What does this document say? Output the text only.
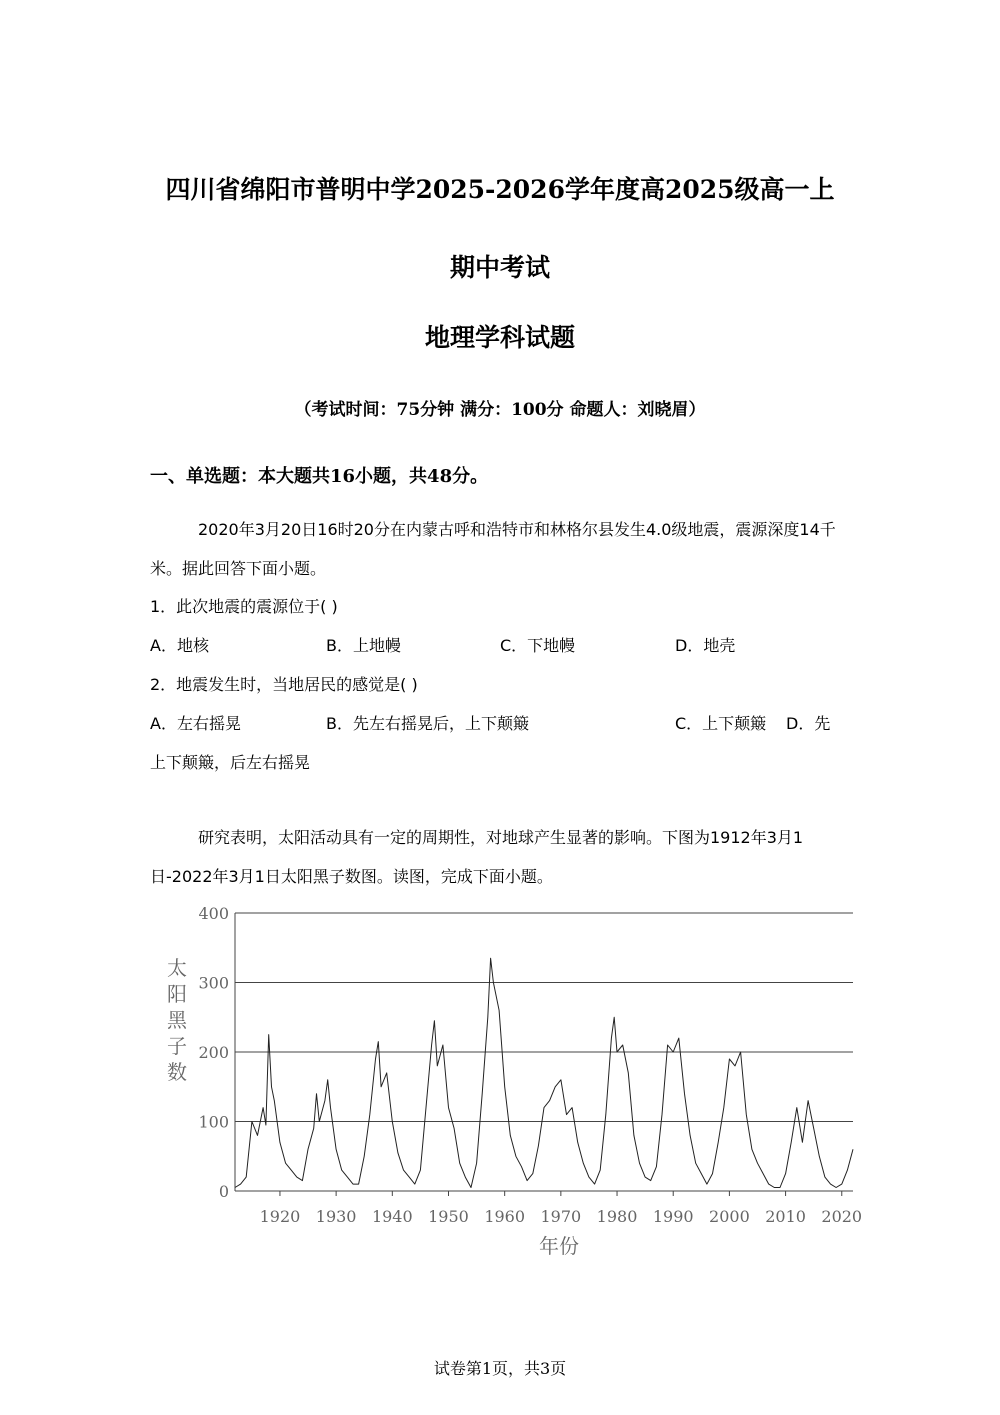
四川省绵阳市普明中学2025-2026学年度高2025级高一上
期中考试
地理学科试题
（考试时间：75分钟 满分：100分 命题人：刘晓眉）
一、单选题：本大题共16小题，共48分。
2020年3月20日16时20分在内蒙古呼和浩特市和林格尔县发生4.0级地震，震源深度14千米。据此回答下面小题。
1．此次地震的震源位于( )
A．地核	B．上地幔	C．下地幔	D．地壳
2．地震发生时，当地居民的感觉是( )
A．左右摇晃	B．先左右摇晃后，上下颠簸	C．上下颠簸 D．先
上下颠簸，后左右摇晃
研究表明，太阳活动具有一定的周期性，对地球产生显著的影响。下图为1912年3月1日-2022年3月1日太阳黑子数图。读图，完成下面小题。
0
100
200
300
400
1920 1930 1940 1950 1960 1970 1980 1990 2000 2010 2020
太
阳
黑
子
数
年份
试卷第1页，共3页
